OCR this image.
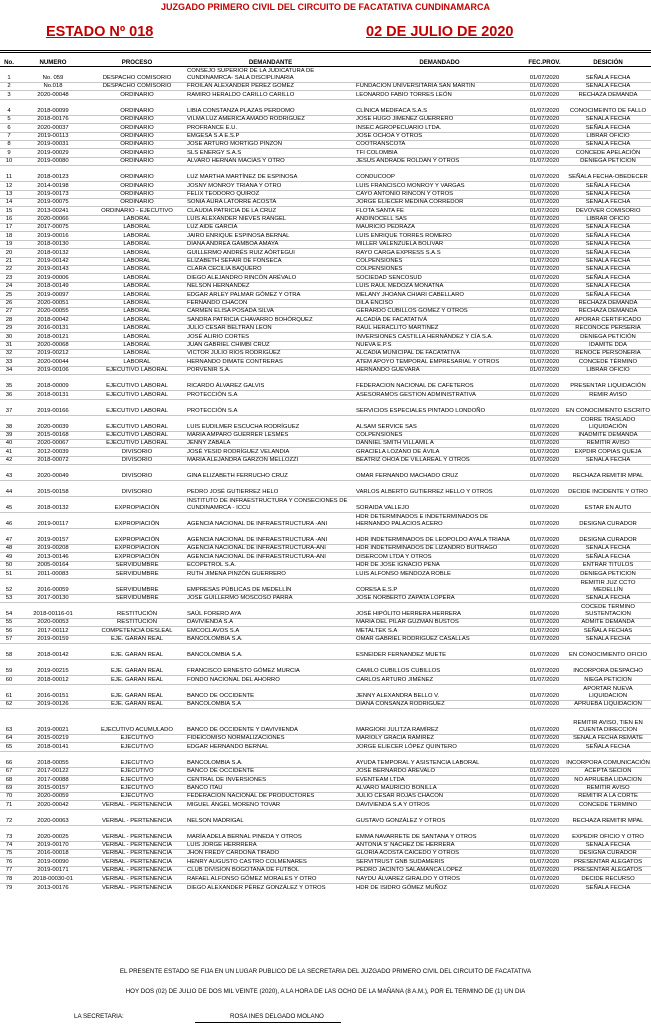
JUZGADO PRIMERO CIVIL DEL CIRCUITO DE FACATATIVA CUNDINAMARCA
ESTADO Nº 018	02 DE JULIO DE 2020
No.	NUMERO	PROCESO	DEMANDANTE	DEMANDADO	FEC.PROV.	DESICIÓN
1	No. 059	DESPACHO COMISORIO	CONSEJO SUPERIOR DE LA JUDICATURA DE CUNDINAMRCA- SALA DISCIPLINARIA		01/07/2020	SEÑALA FECHA
2	No.018	DESPACHO COMISORIO	FROILAN ALEXANDER PÉREZ GÓMEZ	FUNDACIÓN UNIVERSITARIA SAN MARTÍN	01/07/2020	SEÑALA FECHA
3	2020-00048	ORDINARIO	RAMIRO HERALDO CARILLO CARILLO	LEONARDO FABIO TORRES LEÓN	01/07/2020	RECHAZA DEMANDA
4	2018-00099	ORDINARIO	LIBIA CONSTANZA PLAZAS PERDOMO	CLÍNICA MEDIFACA S.A.S	01/07/2020	CONOCIMEINTO DE FALLO
5	2018-00176	ORDINARIO	VILMA LUZ AMÉRICA AMADO RODRÍGUEZ	JOSÉ HUGO JIMÉNEZ GUERRERO	01/07/2020	SEÑALA FECHA
6	2020-00037	ORDINARIO	PROFRANCE E.U.	INSEC AGROPECUARIO LTDA.	01/07/2020	SEÑALA FECHA
7	2019-00113	ORDINARIO	EMGESA S.A E.S.P	JOSÉ OCHOA Y OTROS	01/07/2020	LIBRAR OFICIO
8	2019-00031	ORDINARIO	JOSÉ ARTURO MORTIGO PINZÓN	COOTRANSCOTA	01/07/2020	SEÑALA FECHA
9	2019-00029	ORDINARIO	SLS ENERGY S.A.S	TFI COLOMBIA	01/07/2020	CONCEDE APELACIÓN
10	2019-00080	ORDINARIO	ÁLVARO HERNÁN MACÍAS Y OTRO	JESÚS ANDRADE ROLDAN Y OTROS	01/07/2020	DENIEGA PETICIÓN
11	2018-00123	ORDINARIO	LUZ MARTHA MARTÍNEZ DE ESPINOSA	CONDUCOOP	01/07/2020	SEÑALA FECHA-OBEDECER
12	2014-00198	ORDINARIO	JOSNY MONROY TRIANA Y OTRO	LUIS FRANCISCO MONROY Y VARGAS	01/07/2020	SEÑALA FECHA
13	2019-00173	ORDINARIO	FÉLIX TEODORO QUIROZ	CAYO ANTONIO RINCÓN Y OTROS	01/07/2020	SEÑALA FECHA
14	2019-00075	ORDINARIO	SONIA AURA LATORRE ACOSTA	JORGE ELIECER MEDINA CORREDOR	01/07/2020	SEÑALA FECHA
15	2013-00241	ORDINARIO - EJECUTIVO	CLAUDIA PATRICIA DE LA CRUZ	FLOTA SANTA FE	01/07/2020	DEVOVER COMISORIO
16	2020-00066	LABORAL	LUIS ALEXANDER NIEVES RANGEL	ANDINOCELL SAS	01/07/2020	LIBRAR OFICIO
17	2017-00075	LABORAL	LUZ AIDE GARCÍA	MAURICIO PEDRAZA	01/07/2020	SEÑALA FECHA
18	2019-00016	LABORAL	JAIRO ENRIQUE ESPINOSA BERNAL	LUIS ENRIQUE TORRES ROMERO	01/07/2020	SEÑALA FECHA
19	2018-00130	LABORAL	DIANA ANDREA GAMBOA AMAYA	MILLER VALENZUELA BOLIVAR	01/07/2020	SEÑALA FECHA
20	2018-00132	LABORAL	GUILLERMO ANDRÉS RUIZ AÓRTEGUI	RAYO CARGA EXPRESS S.A.S	01/07/2020	SEÑALA FECHA
21	2019-00142	LABORAL	ELIZABETH SEFAIR DE FONSECA	COLPENSIONES	01/07/2020	SEÑALA FECHA
22	2019-00143	LABORAL	CLARA CECILIA BAQUERO	COLPENSIONES	01/07/2020	SEÑALA FECHA
23	2019-00006	LABORAL	DIEGO ALEJANDRO RINCÓN ARÉVALO	SOCIEDAD SENCOSUD	01/07/2020	SEÑALA FECHA
24	2018-00149	LABORAL	NELSON HERNÁNDEZ	LUIS RAÚL MEDOZA MONATÑA	01/07/2020	SEÑALA FECHA
25	2019-00097	LABORAL	EDGAR ARLEY PALMAR GÓMEZ Y OTRA	MELANY JHOANA CHIARI CABELLARO	01/07/2020	SEÑALA FECHA
26	2020-00051	LABORAL	FERNANDO CHACON	DILA ENCISO	01/07/2020	RECHAZA DEMANDA
27	2020-00055	LABORAL	CARMEN ELISA POSADA SILVA	GERARDO CUBILLOS GÓMEZ Y OTROS	01/07/2020	RECHAZA DEMANDA
28	2018-00042	LABORAL	SANDRA PATRICIA CHAVARRO BOHÓRQUEZ	ALCADÍA DE FACATATIVÁ	01/07/2020	APORAR CERTIFICADO
29	2016-00131	LABORAL	JULIO CESAR BELTRAN LEÓN	RAÚL HERACLITO MARTÍNEZ	01/07/2020	RECONOCE PERSERIA
30	2018-00121	LABORAL	JOSÉ ALIRIO CORTES	INVERSIONES CASTILLA HERNÁNDEZ Y CÍA S.A.	01/07/2020	DENIEGA PETICIÓN
31	2020-00068	LABORAL	JUAN GABRIEL CHIMBI CRUZ	NUEVA E.P.S	01/07/2020	ÍDAMITE DDA
32	2019-00212	LABORAL	VÍCTOR JULIO RÍOS RODRÍGUEZ	ALCADÍA MUNICIPAL DE FACATATIVÁ	01/07/2020	RENOCE PERSONERIA
33	2020-00044	LABORAL	HERNANDO DIMATE CONTRERAS	ATEM APOYO TEMPORAL EMPRESARIAL Y OTROS	01/07/2020	CONCEDE TÉRMINO
34	2019-00106	EJECUTIVO LABORAL	PORVENIR S.A.	HERNANDO GUEVARA	01/07/2020	LIBRAR OFICIO
35	2018-00009	EJECUTIVO LABORAL	RICARDO ÁLVAREZ GALVIS	FEDERACION NACIONAL DE CAFETEROS	01/07/2020	PRESENTAR LIQUIDACIÓN
36	2018-00131	EJECUTIVO LABORAL	PROTECCIÓN S.A	ASESORAMOS GESTION ADMINISTRATIVA	01/07/2020	REMIR AVISO
37	2019-00166	EJECUTIVO LABORAL	PROTECCIÓN S.A	SERVICIOS ESPECIALES PINTADO LONDOÑO	01/07/2020	EN CONOCIMIENTO ESCRITO
38	2020-00039	EJECUTIVO LABORAL	LUIS EUDILMER ESCUCHA RODRÍGUEZ	ALSAM SERVICE SAS	01/07/2020	CORRE TRASLADO LIQUIDACIÓN
39	2015-00168	EJECUTIVO LABORAL	MARÍA AMPARO GUERRER LESMES	COLPENSIONES	01/07/2020	INADMITE DEMANDA
40	2020-00067	EJECUTIVO LABORAL	JENNY ZABALA	DANNIEL SMITH VILLAMIL A	01/07/2020	REMITIR AVISO
41	2012-00039	DIVISORIO	JOSÉ YESID RODRÍGUEZ VELANDIA	GRACIELA LOZANO DE ÁVILA	01/07/2020	EXPDIR COPIAS QUEJA
42	2018-00072	DIVISORIO	MARÍA ALEJANDRA GARZÓN MELLOZZI	BEATRIZ OHOA DE VILLAREAL Y OTROS	01/07/2020	SEÑALA FECHA
43	2020-00049	DIVISORIO	GINA ELIZABETH FERRUCHO CRUZ	OMAR FERNANDO MACHADO CRUZ	01/07/2020	RECHAZA REMITIR MPAL
44	2015-00158	DIVISORIO	PEDRO JOSÉ GUTIERREZ HELO	VARLOS ALBERTO GUTIERREZ HELLO Y OTROS	01/07/2020	DECIDE INCIDENTE Y OTRO
45	2018-00132	EXPROPIACIÓN	INSTITUTO DE INFRAESTRUCTURA Y CONSECIONES DE CUNDINAMRCA - ICCU	SORAIDA VALLEJO	01/07/2020	ESTAR EN AUTO
46	2019-00117	EXPROPIACIÓN	AGENCIA NACIONAL DE INFRAESTRUCTURA -ANI	HDR DETERMINADOS E INDETERMINADOS DE HERNANDO PALACIOS ACERO	01/07/2020	DESIGNA CURADOR
47	2019-00157	EXPROPIACIÓN	AGENCIA NACIONAL DE INFRAESTRUCTURA -ANI	HDR INDETERMINADOS DE LEOPOLDO AYALA TRIANA	01/07/2020	DESIGNA CURADOR
48	2019-00208	EXPROPIACIÓN	AGENCIA NACIONAL DE INFRAESTRUCTURA-ANI	HDR INDETERMINADOS DE LIZANDRO BUITRAGO	01/07/2020	SEÑALA FECHA
49	2013-00146	EXPROPIACIÓN	AGENCIA NACIONAL DE INFRAESTRUCTURA-ANI	DISERCOM LTDA Y OTROS	01/07/2020	SEÑALA FECHA
50	2005-00164	SERVIDUMBRE	ECOPETROL S.A.	HDR DE JOSÉ IGNACIO PEÑA	01/07/2020	ENTRAR TITULOS
51	2011-00083	SERVIDUMBRE	RUTH JIMENA PINZÓN GUERRERO	LUIS ALFONSO MENDOZA ROBLE	01/07/2020	DENIEGA PETICION
52	2016-00059	SERVIDUMBRE	EMPRESAS PÚBLICAS DE MEDELLÍN	CORESA E.S.P	01/07/2020	REMITIR JUZ CCTO MEDELLÍN
53	2017-00130	SERVIDUMBRE	JOSÉ GUILLERMO MOSCOSO PARRA	JOSÉ NORBERTO ZAPATA LOPERA	01/07/2020	SEÑALA FECHA
54	2018-00116-01	RESTITUCIÓN	SAÚL FORERO AYA	JOSÉ HIPÓLITO HERRERA HERRERA	01/07/2020	COCEDE TERMINO SUSTENTACION
55	2020-00053	RESTITUCIÓN	DAVIVIENDA S.A	MARIA DEL PILAR GUZMÁN BUSTOS	01/07/2020	ADMITE DEMANDA
56	2017-00112	COMPETENCIA DESLEAL	EMCOCLAVOS S.A	METALTEK S.A	01/07/2020	SEÑALA FECHAS
57	2019-00159	EJE. GARAN REAL	BANCOLOMBIA S.A.	OMAR GABRIEL RODRÍGUEZ CASALLAS	01/07/2020	SEÑALA FECHA
58	2018-00142	EJE. GARAN REAL	BANCOLOMBIA S.A.	ESNEIDER FERNANDEZ MUETE	01/07/2020	EN CONOCIMIENTO OFICIO
59	2019-00215	EJE. GARAN REAL	FRANCISCO ERNESTO GÓMEZ MURCIA	CAMILO CUBILLOS CUBILLOS	01/07/2020	INCORPORA DESPACHO
60	2018-00012	EJE. GARAN REAL	FONDO NACIONAL DEL AHORRO	CARLOS ARTURO JIMÉNEZ	01/07/2020	NIEGA PETICION
61	2016-00151	EJE. GARAN REAL	BANCO DE OCCIDENTE	JENNY ALEXANDRA BELLO V.	01/07/2020	APORTAR NUEVA LIQUIDACION
62	2019-00126	EJE. GARAN REAL	BANCOLOMBIA S.A	DIANA CONSANZA RODRÍGUEZ	01/07/2020	APRUEBA LIQUIDACION
63	2019-00021	EJECUTIVO ACUMULADO	BANCO DE OCCIDENTE Y DAVIVIIENDA	MARGIORI JULITZA RAMÍREZ	01/07/2020	REMITIR AVISO, TIEN EN CUENTA DIRECCION
64	2015-00219	EJECUTIVO	FIDEICOMISO NORMALIZACIONES	MARIOLY GRACIA RAMÍREZ	01/07/2020	SEÑALA FECHA REMATE
65	2018-00141	EJECUTIVO	EDGAR HERNANDO BERNAL	JORGE ELIECER LÓPEZ QUINTERO	01/07/2020	SEÑALA FECHA
66	2018-00055	EJECUTIVO	BANCOLOMBIA S.A.	AYUDA TEMPORAL Y ASISTENCIA LABORAL	01/07/2020	INCORPORA COMUNICACIÓN
67	2017-00122	EJECUTIVO	BANCO DE OCCIDENTE	JOSÉ BERNARDO ARÉVALO	01/07/2020	ACEPTA SECION
68	2017-00088	EJECUTIVO	CENTRAL DE INVERSIONES	EVENTEAM LTDA	01/07/2020	NO APRUEBA LIDACION
69	2015-00157	EJECUTIVO	BANCO ITAÚ	ALVARO MAURICIO BONILLA	01/07/2020	REMITIR AVISO
70	2020-00059	EJECUTIVO	FEDERACION NACIONAL DE PRODUCTORES	JULIO CESAR ROJAS CHACÓN	01/07/2020	REMITIR A LA CORTE
71	2020-00042	VERBAL - PERTENENCIA	MIGUEL ÁNGEL MORENO TOVAR	DAVIVIENDA S.A Y OTROS	01/07/2020	CONCEDE TERMINO
72	2020-00063	VERBAL - PERTENENCIA	NELSON MADRIGAL	GUSTAVO GONZÁLEZ Y OTROS	01/07/2020	RECHAZA REMITIR MPAL
73	2020-00025	VERBAL - PERTENENCIA	MARÍA ADELA BERNAL PINEDA Y OTROS	EMMA NAVARRETE DE SANTANA Y OTROS	01/07/2020	EXPEDIR OFICIO Y OTRO
74	2019-00170	VERBAL - PERTENENCIA	LUIS JORGE HERRRERA	ANTONIA S' NACHEZ DE HERRERA	01/07/2020	SEÑALA FECHA
75	2016-00018	VERBAL - PERTENENCIA	JHON FREDY CARDONA TIRADO	GLORIA ACOSTA CAICEDO Y OTROS	01/07/2020	DESIGNA CURADOR
76	2019-00090	VERBAL - PERTENENCIA	HENRY AUGUSTO CASTRO COLMENARES	SERVITRUST GNB SUDAMERIS	01/07/2020	PRESENTAR ALEGATOS
77	2019-00171	VERBAL - PERTENENCIA	CLUB DIVISIÓN BOGOTANA DE FUTBOL	PEDRO JACINTO SALAMANCA LÓPEZ	01/07/2020	PRESENTAR ALEGATOS
78	2018-00030-01	VERBAL - PERTENENCIA	RAFAEL ALFONSO GÓMEZ MORALES Y OTRO	NAYDU ÁLVAREZ GIRALDO Y OTROS	01/07/2020	DECIDE RECURSO
79	2013-00176	VERBAL - PERTENENCIA	DIEGO ALEXANDER PÉREZ GONZÁLEZ Y OTROS	HDR DE ISIDRO GÓMEZ MUÑOZ	01/07/2020	SEÑALA FECHA
EL PRESENTE ESTADO SE FIJA EN UN LUGAR PUBLICO DE LA SECRETARIA DEL JUZGADO PRIMERO CIVIL DEL CIRCUITO DE FACATATIVA
HOY DOS (02) DE JULIO DE DOS MIL VEINTE (2020), A LA HORA DE LAS OCHO DE LA MAÑANA (8 A.M.), POR EL TERMINO DE (1) UN DIA
LA SECRETARIA:	ROSA INES DELGADO MOLANO
